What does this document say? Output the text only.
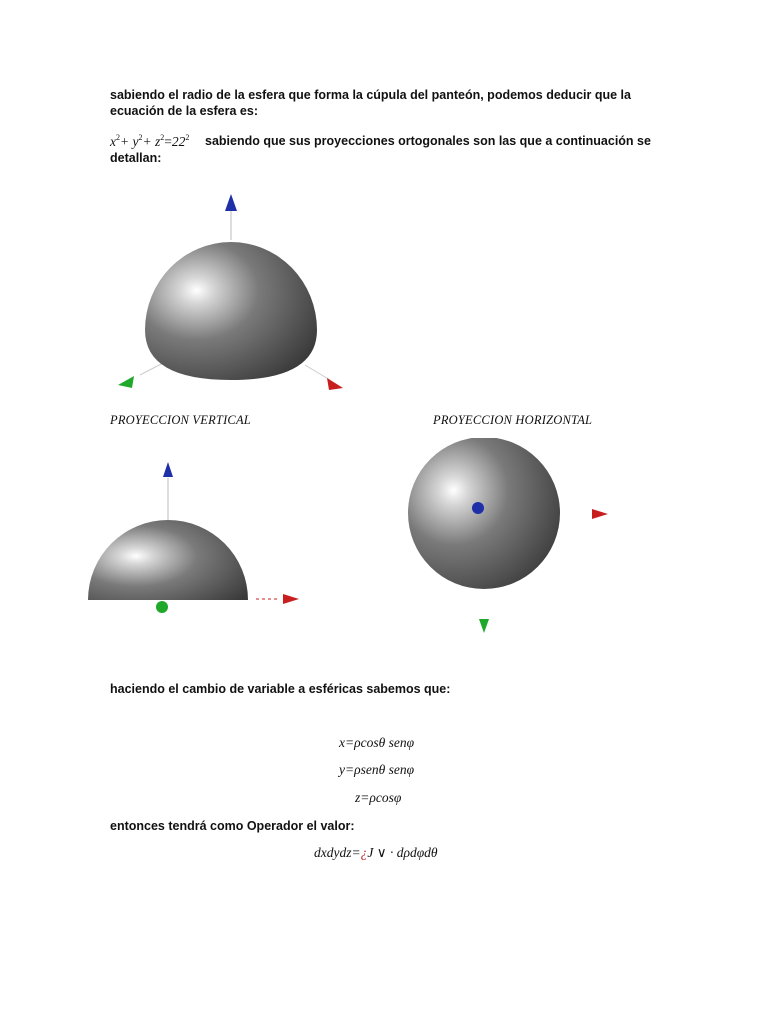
sabiendo el radio de la esfera que forma la cúpula del panteón, podemos deducir que la
ecuación de la esfera es:
$x^2+ y^2+ z^2=22^2$ sabiendo que sus proyecciones ortogonales son las que a continuación se
detallan:
PROYECCION VERTICAL	PROYECCION HORIZONTAL
haciendo el cambio de variable a esféricas sabemos que:
x=ρcosθ senφ
y=ρsenθ senφ
z=ρcosφ
entonces tendrá como Operador el valor:
dxdydz=¿J ∨ · dρdφdθ
